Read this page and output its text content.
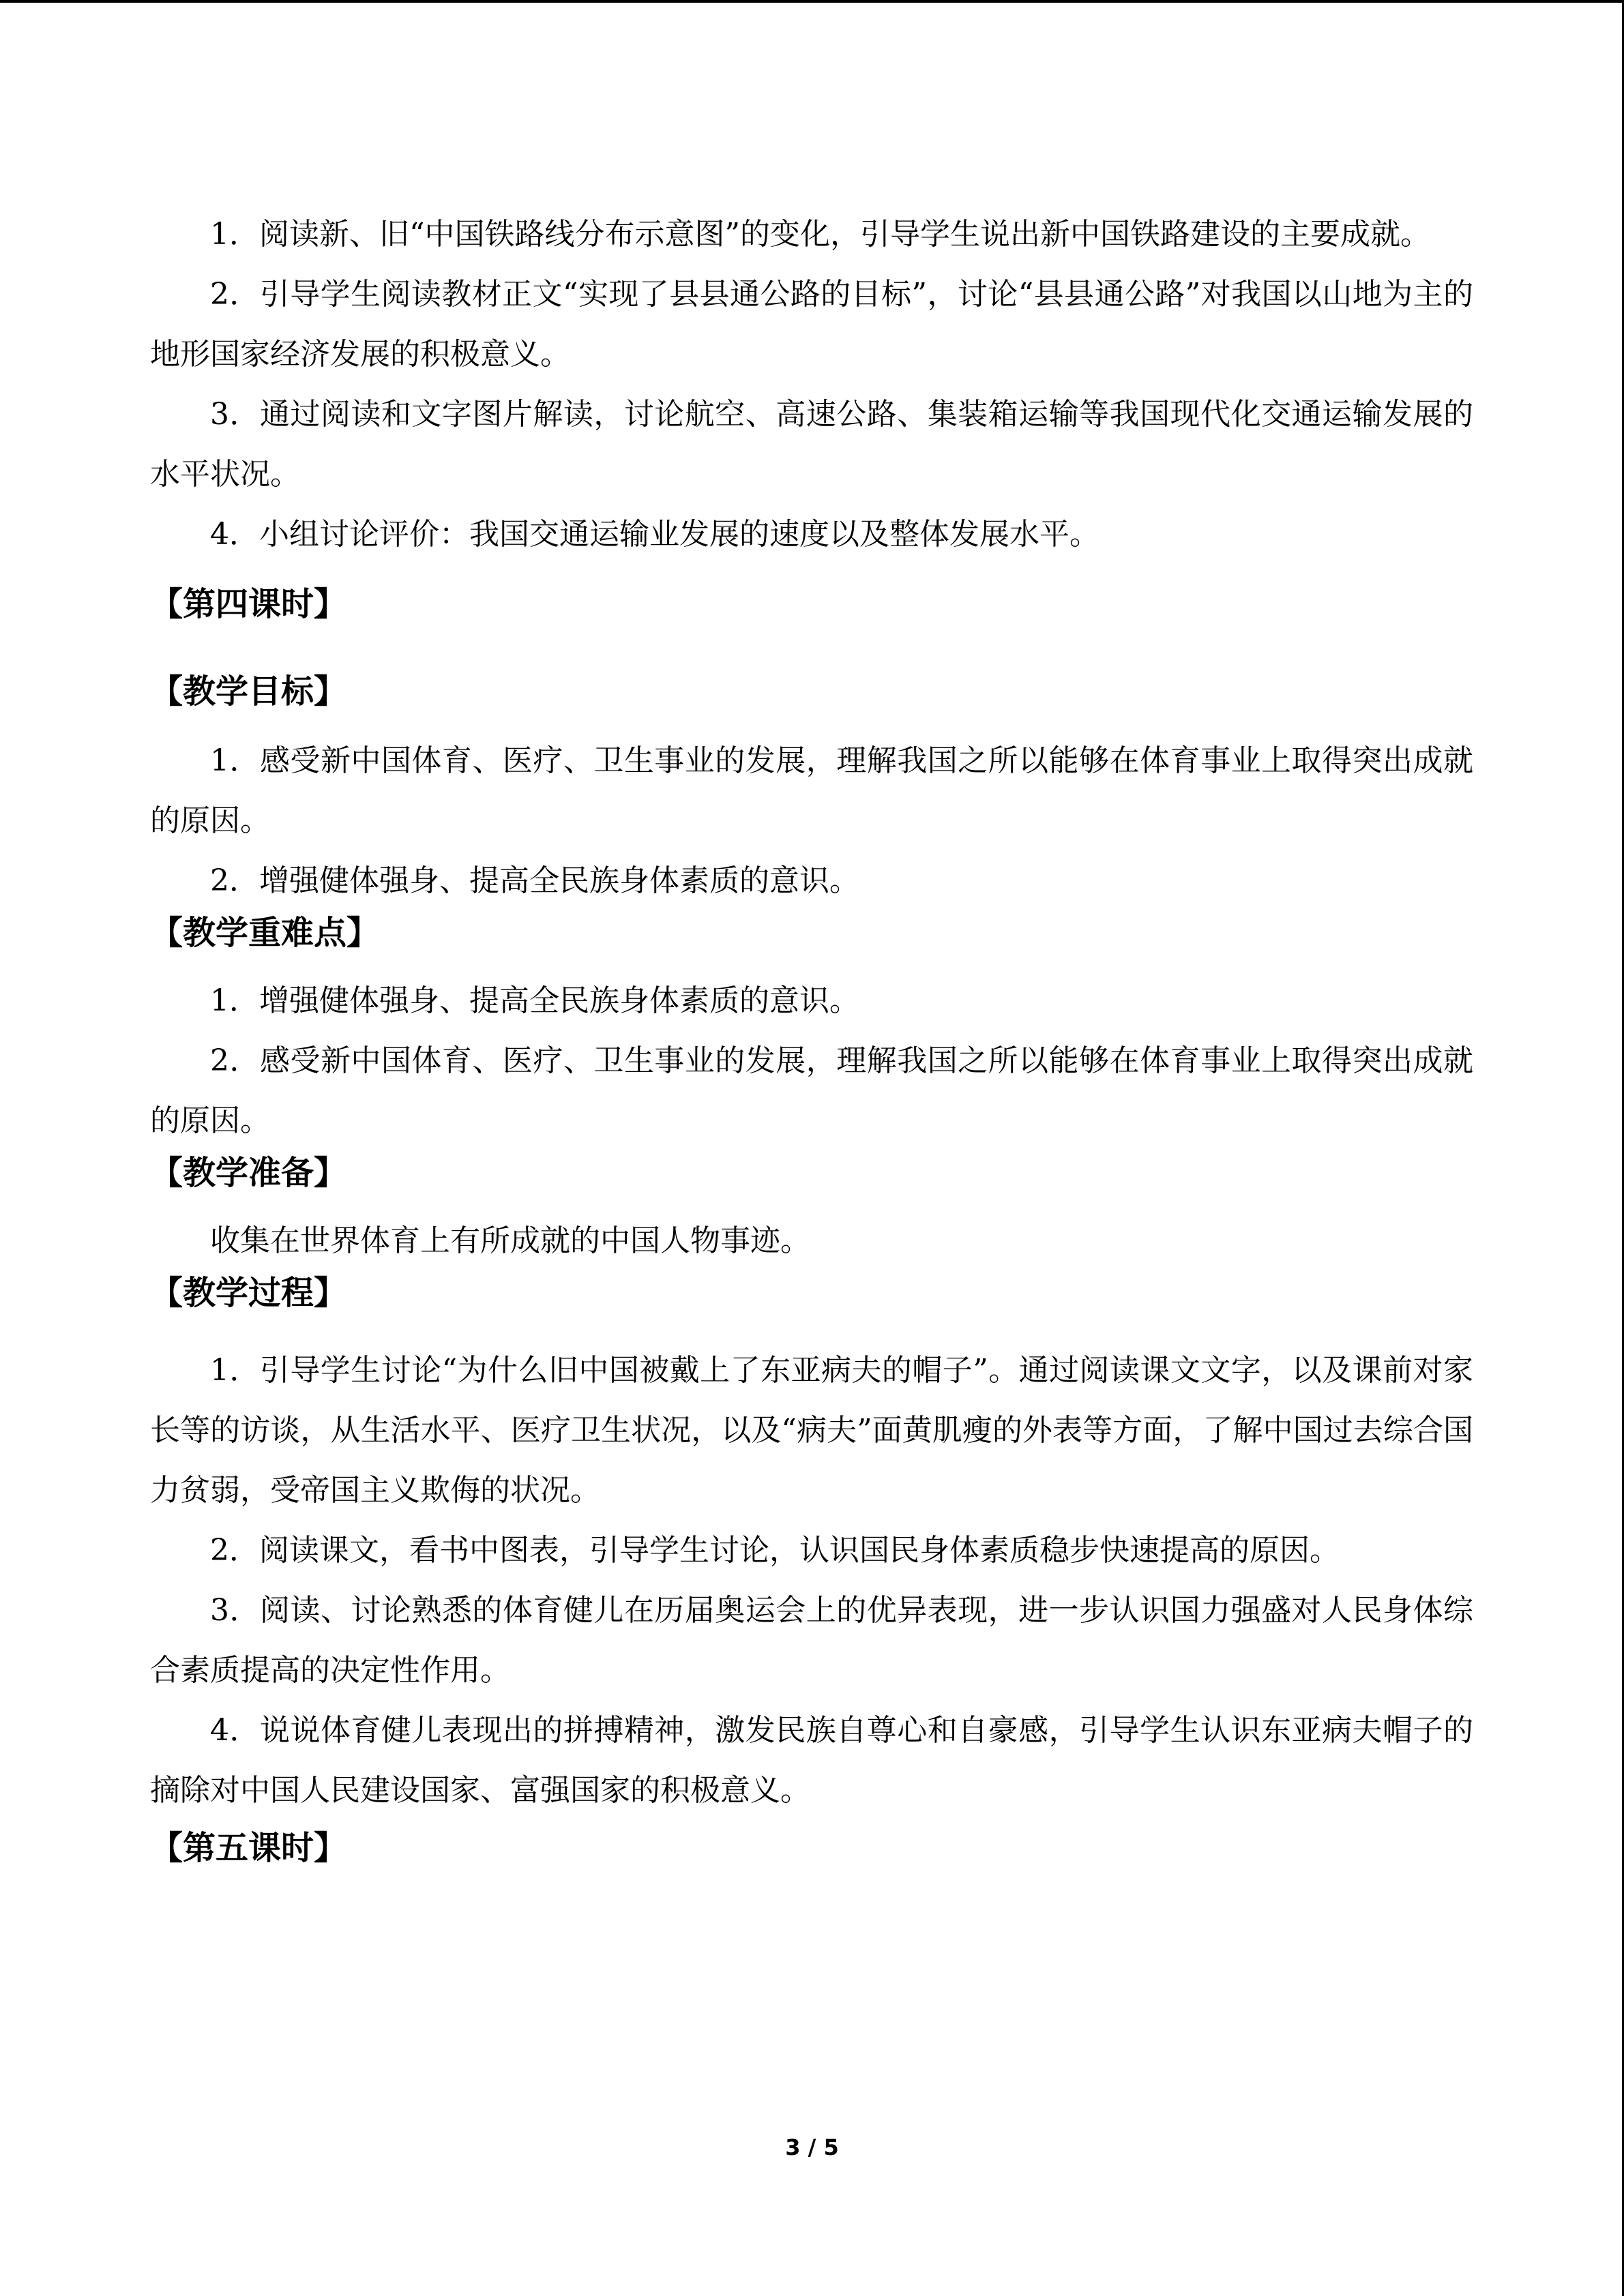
1．阅读新、旧“中国铁路线分布示意图”的变化，引导学生说出新中国铁路建设的主要成就。

2．引导学生阅读教材正文“实现了县县通公路的目标”，讨论“县县通公路”对我国以山地为主的地形国家经济发展的积极意义。

3．通过阅读和文字图片解读，讨论航空、高速公路、集装箱运输等我国现代化交通运输发展的水平状况。

4．小组讨论评价：我国交通运输业发展的速度以及整体发展水平。

【第四课时】
【教学目标】

1．感受新中国体育、医疗、卫生事业的发展，理解我国之所以能够在体育事业上取得突出成就的原因。

2．增强健体强身、提高全民族身体素质的意识。

【教学重难点】

1．增强健体强身、提高全民族身体素质的意识。

2．感受新中国体育、医疗、卫生事业的发展，理解我国之所以能够在体育事业上取得突出成就的原因。

【教学准备】

收集在世界体育上有所成就的中国人物事迹。

【教学过程】

1．引导学生讨论“为什么旧中国被戴上了东亚病夫的帽子”。通过阅读课文文字，以及课前对家长等的访谈，从生活水平、医疗卫生状况，以及“病夫”面黄肌瘦的外表等方面，了解中国过去综合国力贫弱，受帝国主义欺侮的状况。

2．阅读课文，看书中图表，引导学生讨论，认识国民身体素质稳步快速提高的原因。

3．阅读、讨论熟悉的体育健儿在历届奥运会上的优异表现，进一步认识国力强盛对人民身体综合素质提高的决定性作用。

4．说说体育健儿表现出的拼搏精神，激发民族自尊心和自豪感，引导学生认识东亚病夫帽子的摘除对中国人民建设国家、富强国家的积极意义。

【第五课时】
3 / 5
